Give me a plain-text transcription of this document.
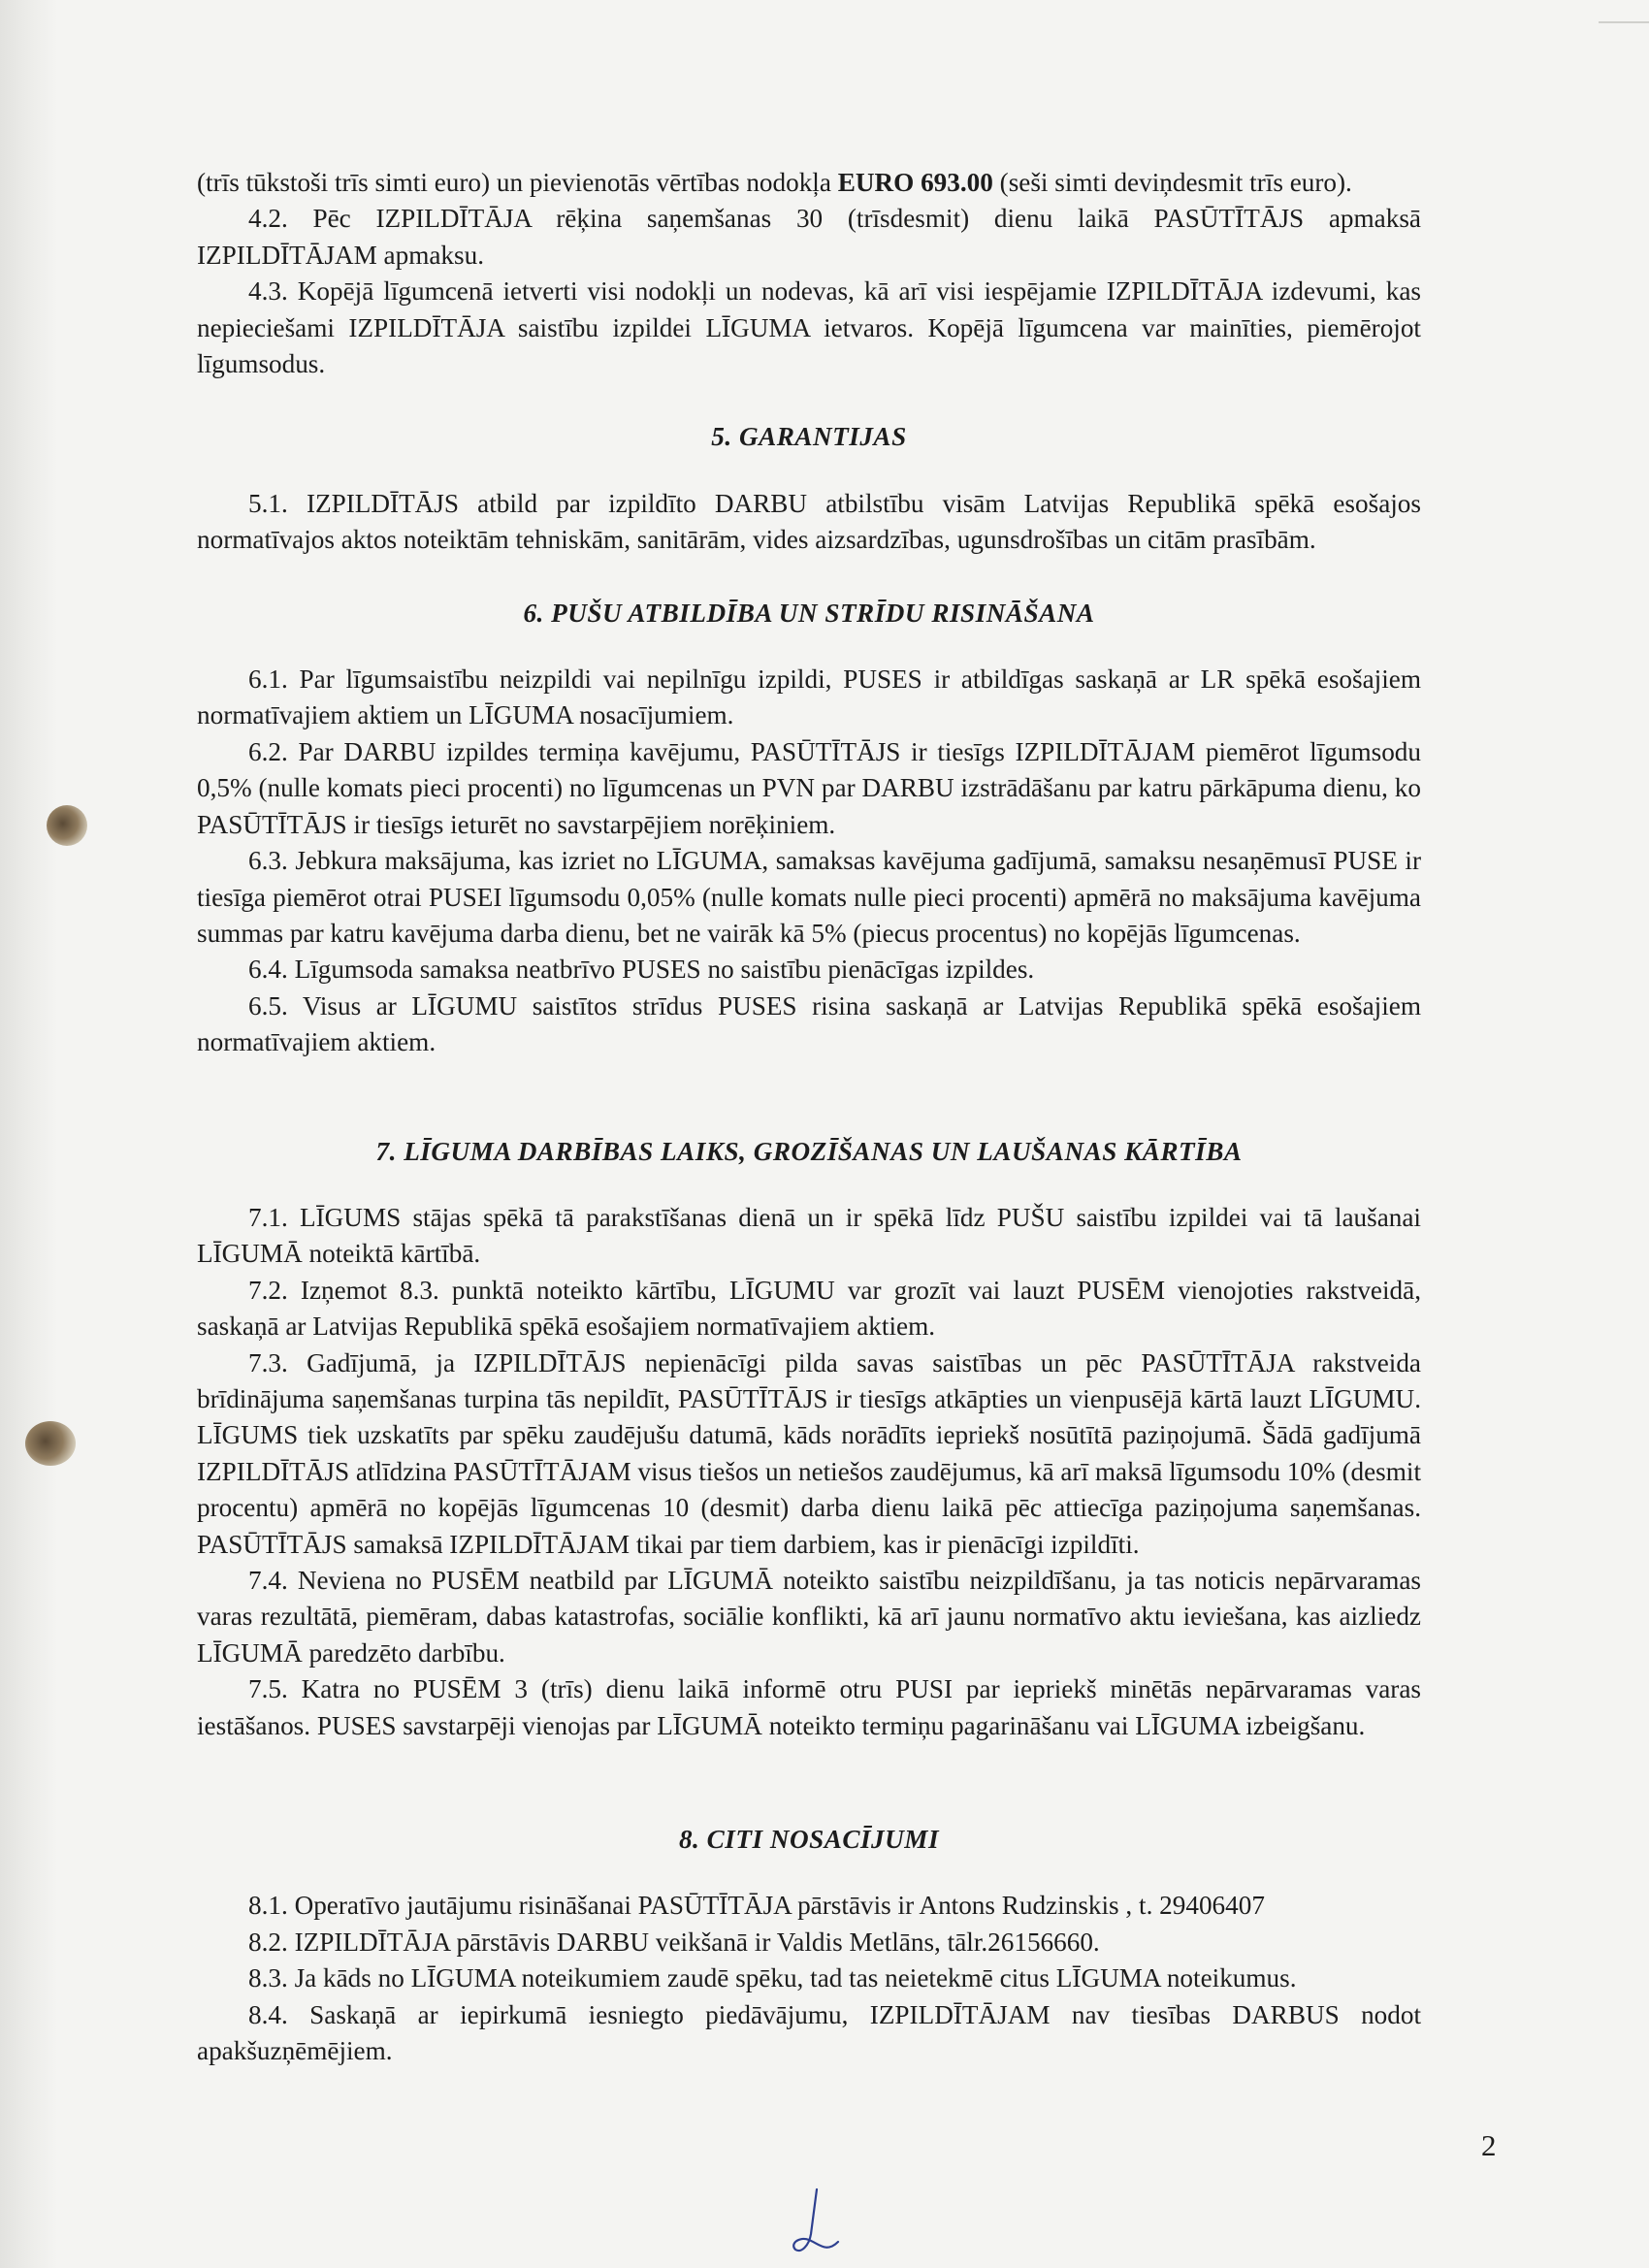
(trīs tūkstoši trīs simti euro) un pievienotās vērtības nodokļa EURO 693.00 (seši simti deviņdesmit trīs euro).

4.2. Pēc IZPILDĪTĀJA rēķina saņemšanas 30 (trīsdesmit) dienu laikā PASŪTĪTĀJS apmaksā IZPILDĪTĀJAM apmaksu.

4.3. Kopējā līgumcenā ietverti visi nodokļi un nodevas, kā arī visi iespējamie IZPILDĪTĀJA izdevumi, kas nepieciešami IZPILDĪTĀJA saistību izpildei LĪGUMA ietvaros. Kopējā līgumcena var mainīties, piemērojot līgumsodus.

5. GARANTIJAS

5.1. IZPILDĪTĀJS atbild par izpildīto DARBU atbilstību visām Latvijas Republikā spēkā esošajos normatīvajos aktos noteiktām tehniskām, sanitārām, vides aizsardzības, ugunsdrošības un citām prasībām.

6. PUŠU ATBILDĪBA UN STRĪDU RISINĀŠANA

6.1. Par līgumsaistību neizpildi vai nepilnīgu izpildi, PUSES ir atbildīgas saskaņā ar LR spēkā esošajiem normatīvajiem aktiem un LĪGUMA nosacījumiem.

6.2. Par DARBU izpildes termiņa kavējumu, PASŪTĪTĀJS ir tiesīgs IZPILDĪTĀJAM piemērot līgumsodu 0,5% (nulle komats pieci procenti) no līgumcenas un PVN par DARBU izstrādāšanu par katru pārkāpuma dienu, ko PASŪTĪTĀJS ir tiesīgs ieturēt no savstarpējiem norēķiniem.

6.3. Jebkura maksājuma, kas izriet no LĪGUMA, samaksas kavējuma gadījumā, samaksu nesaņēmusī PUSE ir tiesīga piemērot otrai PUSEI līgumsodu 0,05% (nulle komats nulle pieci procenti) apmērā no maksājuma kavējuma summas par katru kavējuma darba dienu, bet ne vairāk kā 5% (piecus procentus) no kopējās līgumcenas.

6.4. Līgumsoda samaksa neatbrīvo PUSES no saistību pienācīgas izpildes.

6.5. Visus ar LĪGUMU saistītos strīdus PUSES risina saskaņā ar Latvijas Republikā spēkā esošajiem normatīvajiem aktiem.

7. LĪGUMA DARBĪBAS LAIKS, GROZĪŠANAS UN LAUŠANAS KĀRTĪBA

7.1. LĪGUMS stājas spēkā tā parakstīšanas dienā un ir spēkā līdz PUŠU saistību izpildei vai tā laušanai LĪGUMĀ noteiktā kārtībā.

7.2. Izņemot 8.3. punktā noteikto kārtību, LĪGUMU var grozīt vai lauzt PUSĒM vienojoties rakstveidā, saskaņā ar Latvijas Republikā spēkā esošajiem normatīvajiem aktiem.

7.3. Gadījumā, ja IZPILDĪTĀJS nepienācīgi pilda savas saistības un pēc PASŪTĪTĀJA rakstveida brīdinājuma saņemšanas turpina tās nepildīt, PASŪTĪTĀJS ir tiesīgs atkāpties un vienpusējā kārtā lauzt LĪGUMU. LĪGUMS tiek uzskatīts par spēku zaudējušu datumā, kāds norādīts iepriekš nosūtītā paziņojumā. Šādā gadījumā IZPILDĪTĀJS atlīdzina PASŪTĪTĀJAM visus tiešos un netiešos zaudējumus, kā arī maksā līgumsodu 10% (desmit procentu) apmērā no kopējās līgumcenas 10 (desmit) darba dienu laikā pēc attiecīga paziņojuma saņemšanas. PASŪTĪTĀJS samaksā IZPILDĪTĀJAM tikai par tiem darbiem, kas ir pienācīgi izpildīti.

7.4. Neviena no PUSĒM neatbild par LĪGUMĀ noteikto saistību neizpildīšanu, ja tas noticis nepārvaramas varas rezultātā, piemēram, dabas katastrofas, sociālie konflikti, kā arī jaunu normatīvo aktu ieviešana, kas aizliedz LĪGUMĀ paredzēto darbību.

7.5. Katra no PUSĒM 3 (trīs) dienu laikā informē otru PUSI par iepriekš minētās nepārvaramas varas iestāšanos. PUSES savstarpēji vienojas par LĪGUMĀ noteikto termiņu pagarināšanu vai LĪGUMA izbeigšanu.

8. CITI NOSACĪJUMI

8.1. Operatīvo jautājumu risināšanai PASŪTĪTĀJA pārstāvis ir Antons Rudzinskis , t. 29406407

8.2. IZPILDĪTĀJA pārstāvis DARBU veikšanā ir Valdis Metlāns, tālr.26156660.

8.3. Ja kāds no LĪGUMA noteikumiem zaudē spēku, tad tas neietekmē citus LĪGUMA noteikumus.

8.4. Saskaņā ar iepirkumā iesniegto piedāvājumu, IZPILDĪTĀJAM nav tiesības DARBUS nodot apakšuzņēmējiem.

2
